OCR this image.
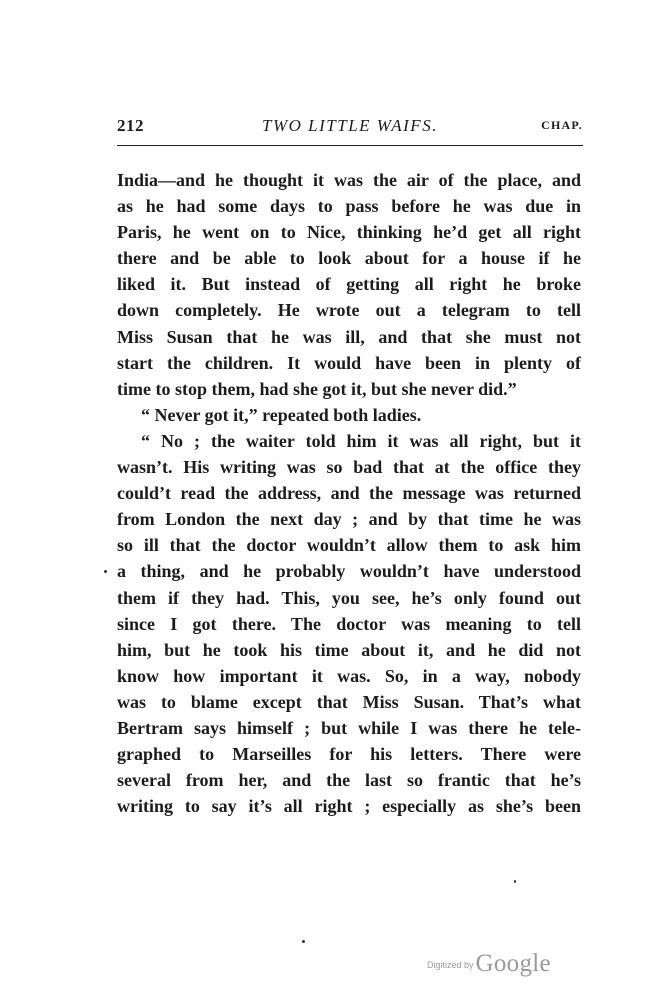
212	TWO LITTLE WAIFS.	CHAP.
India—and he thought it was the air of the place, and
as he had some days to pass before he was due in
Paris, he went on to Nice, thinking he’d get all right
there and be able to look about for a house if he
liked it. But instead of getting all right he broke
down completely. He wrote out a telegram to tell
Miss Susan that he was ill, and that she must not
start the children. It would have been in plenty of
time to stop them, had she got it, but she never did.”
“ Never got it,” repeated both ladies.
“ No ; the waiter told him it was all right, but it
wasn’t. His writing was so bad that at the office they
could’t read the address, and the message was returned
from London the next day ; and by that time he was
so ill that the doctor wouldn’t allow them to ask him
a thing, and he probably wouldn’t have understood
them if they had. This, you see, he’s only found out
since I got there. The doctor was meaning to tell
him, but he took his time about it, and he did not
know how important it was. So, in a way, nobody
was to blame except that Miss Susan. That’s what
Bertram says himself ; but while I was there he tele-
graphed to Marseilles for his letters. There were
several from her, and the last so frantic that he’s
writing to say it’s all right ; especially as she’s been
Digitized byGoogle
